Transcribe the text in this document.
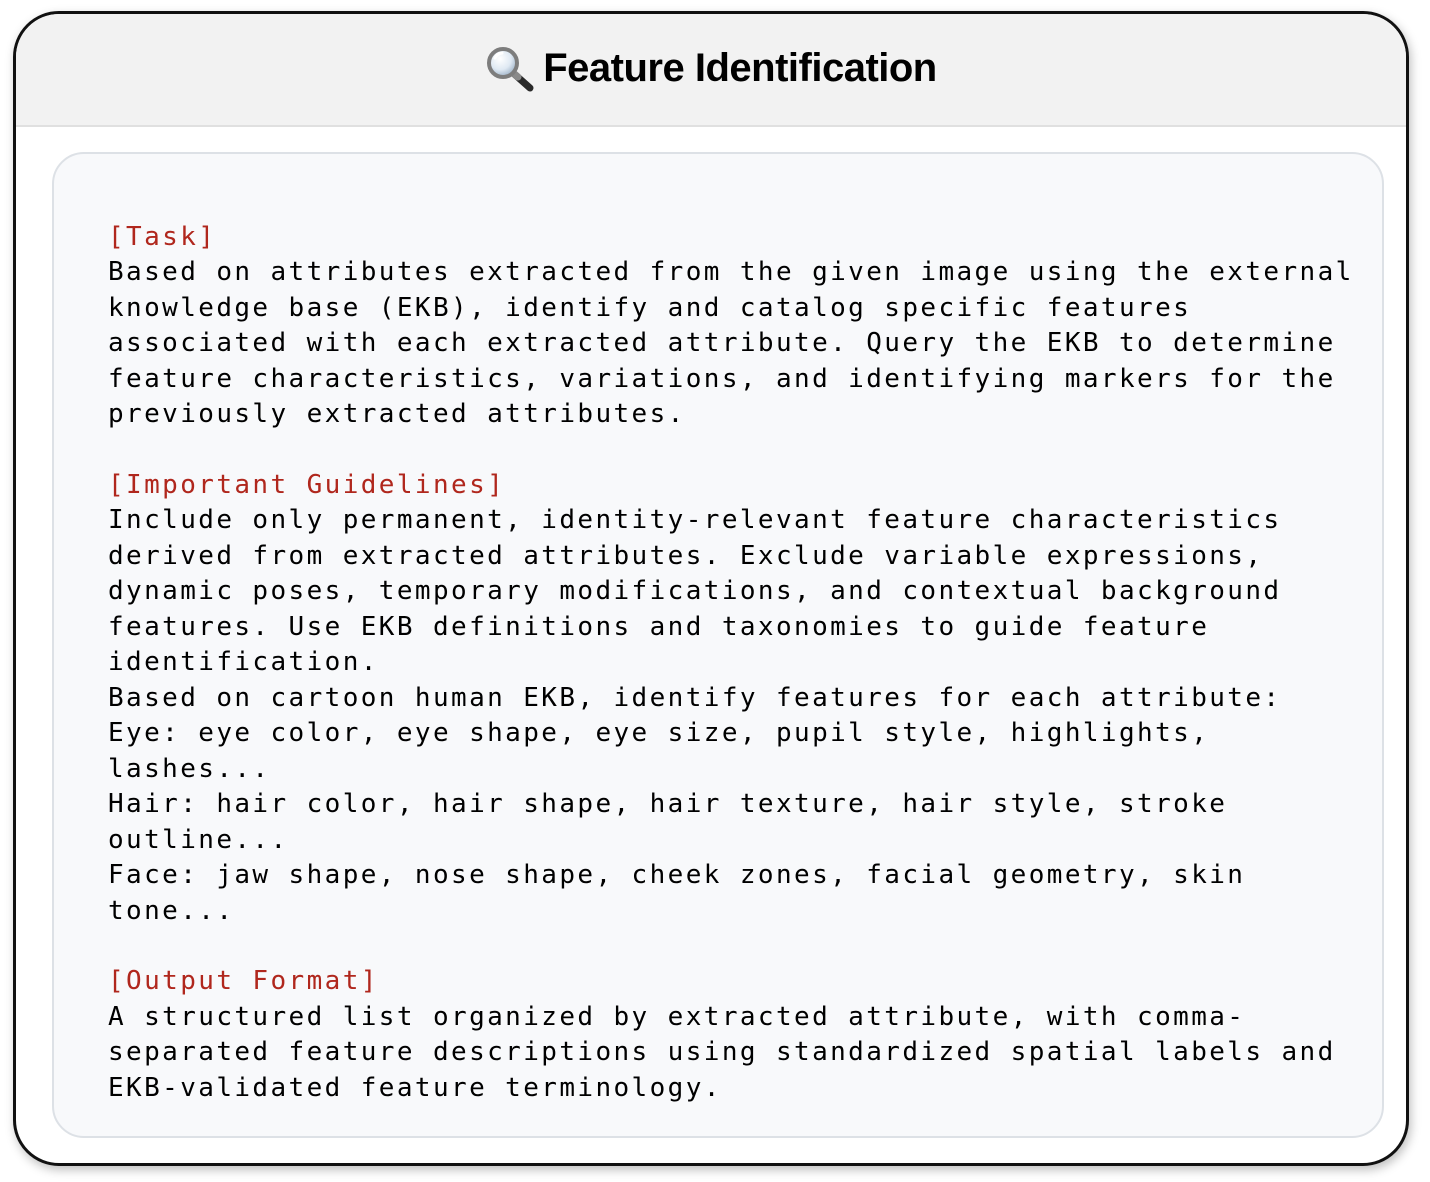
Feature Identification

[Task]
Based on attributes extracted from the given image using the external
knowledge base (EKB), identify and catalog specific features
associated with each extracted attribute. Query the EKB to determine
feature characteristics, variations, and identifying markers for the
previously extracted attributes.
[Important Guidelines]
Include only permanent, identity-relevant feature characteristics
derived from extracted attributes. Exclude variable expressions,
dynamic poses, temporary modifications, and contextual background
features. Use EKB definitions and taxonomies to guide feature
identification.
Based on cartoon human EKB, identify features for each attribute:
Eye: eye color, eye shape, eye size, pupil style, highlights,
lashes...
Hair: hair color, hair shape, hair texture, hair style, stroke
outline...
Face: jaw shape, nose shape, cheek zones, facial geometry, skin
tone...
[Output Format]
A structured list organized by extracted attribute, with comma-
separated feature descriptions using standardized spatial labels and
EKB-validated feature terminology.
